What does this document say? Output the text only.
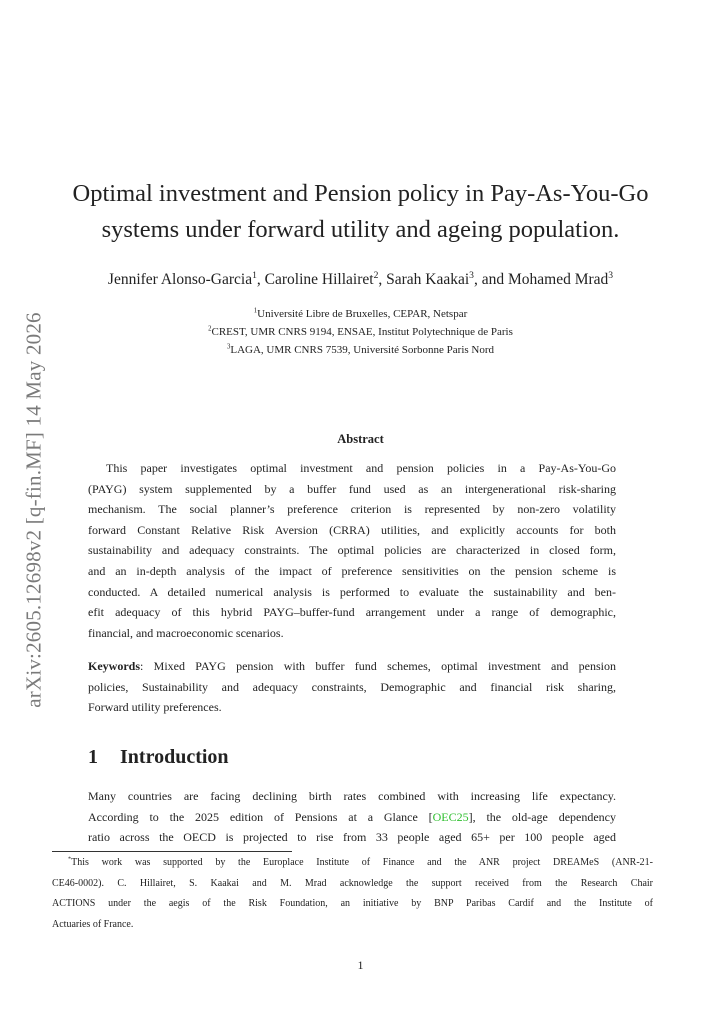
arXiv:2605.12698v2 [q-fin.MF] 14 May 2026
Optimal investment and Pension policy in Pay-As-You-Go
systems under forward utility and ageing population.
Jennifer Alonso-Garcia$^1$, Caroline Hillairet$^2$, Sarah Kaakai$^3$, and Mohamed Mrad$^3$
$^1$Université Libre de Bruxelles, CEPAR, Netspar
$^2$CREST, UMR CNRS 9194, ENSAE, Institut Polytechnique de Paris
$^3$LAGA, UMR CNRS 7539, Université Sorbonne Paris Nord
Abstract
This paper investigates optimal investment and pension policies in a Pay-As-You-Go
(PAYG) system supplemented by a buffer fund used as an intergenerational risk-sharing
mechanism. The social planner’s preference criterion is represented by non-zero volatility
forward Constant Relative Risk Aversion (CRRA) utilities, and explicitly accounts for both
sustainability and adequacy constraints. The optimal policies are characterized in closed form,
and an in-depth analysis of the impact of preference sensitivities on the pension scheme is
conducted. A detailed numerical analysis is performed to evaluate the sustainability and ben-
efit adequacy of this hybrid PAYG–buffer-fund arrangement under a range of demographic,
financial, and macroeconomic scenarios.
Keywords: Mixed PAYG pension with buffer fund schemes, optimal investment and pension
policies, Sustainability and adequacy constraints, Demographic and financial risk sharing,
Forward utility preferences.
1 Introduction
Many countries are facing declining birth rates combined with increasing life expectancy.
According to the 2025 edition of Pensions at a Glance [OEC25], the old-age dependency
ratio across the OECD is projected to rise from 33 people aged 65+ per 100 people aged
*This work was supported by the Europlace Institute of Finance and the ANR project DREAMeS (ANR-21-
CE46-0002). C. Hillairet, S. Kaakai and M. Mrad acknowledge the support received from the Research Chair
ACTIONS under the aegis of the Risk Foundation, an initiative by BNP Paribas Cardif and the Institute of
Actuaries of France.
1
